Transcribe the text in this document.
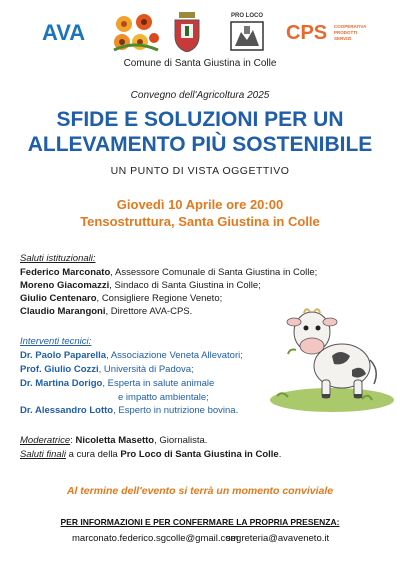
AVA
PRO LOCO
CPS COOPERATIVA PRODOTTI SERVIZI
Comune di Santa Giustina in Colle
Convegno dell'Agricoltura 2025
SFIDE E SOLUZIONI PER UN
ALLEVAMENTO PIÙ SOSTENIBILE
UN PUNTO DI VISTA OGGETTIVO
Giovedì 10 Aprile ore 20:00
Tensostruttura, Santa Giustina in Colle
Saluti istituzionali:
Federico Marconato, Assessore Comunale di Santa Giustina in Colle;
Moreno Giacomazzi, Sindaco di Santa Giustina in Colle;
Giulio Centenaro, Consigliere Regione Veneto;
Claudio Marangoni, Direttore AVA-CPS.
Interventi tecnici:
Dr. Paolo Paparella, Associazione Veneta Allevatori;
Prof. Giulio Cozzi, Università di Padova;
Dr. Martina Dorigo, Esperta in salute animale
e impatto ambientale;
Dr. Alessandro Lotto, Esperto in nutrizione bovina.
Moderatrice: Nicoletta Masetto, Giornalista.
Saluti finali a cura della Pro Loco di Santa Giustina in Colle.
Al termine dell'evento si terrà un momento conviviale
PER INFORMAZIONI E PER CONFERMARE LA PROPRIA PRESENZA:
marconato.federico.sgcolle@gmail.com
segreteria@avaveneto.it
